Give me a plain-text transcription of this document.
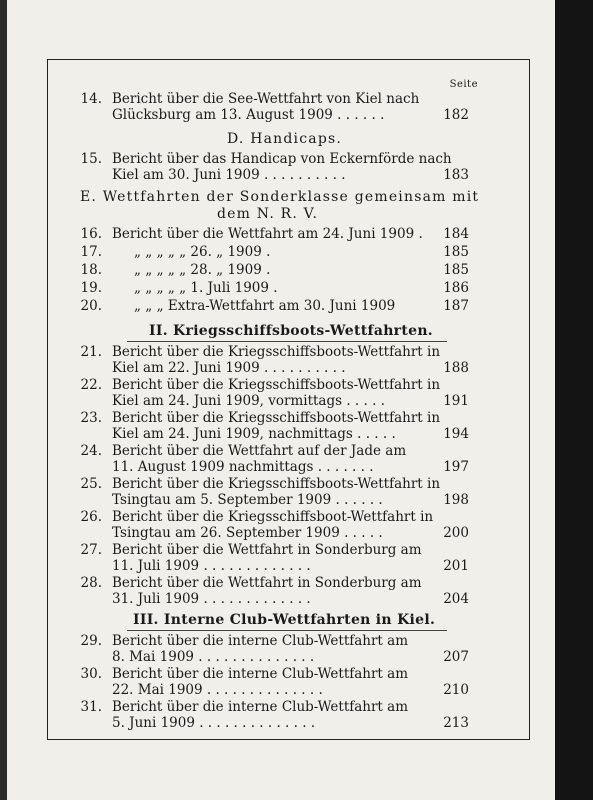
Seite
14. Bericht über die See-Wettfahrt von Kiel nach
Glücksburg am 13. August 1909 . . . . . .	182
D. Handicaps.
15. Bericht über das Handicap von Eckernförde nach
Kiel am 30. Juni 1909 . . . . . . . . . .	183
E. Wettfahrten der Sonderklasse gemeinsam mit
dem N. R. V.
16. Bericht über die Wettfahrt am 24. Juni 1909 . 184
17. „ „ „ „ „ 26. „ 1909 .	185
18. „ „ „ „ „ 28. „ 1909 .	185
19. „ „ „ „ „ 1. Juli 1909 .	186
20. „ „ „ Extra-Wettfahrt am 30. Juni 1909	187
II. Kriegsschiffsboots-Wettfahrten.
21. Bericht über die Kriegsschiffsboots-Wettfahrt in
Kiel am 22. Juni 1909 . . . . . . . . . .	188
22. Bericht über die Kriegsschiffsboots-Wettfahrt in
Kiel am 24. Juni 1909, vormittags . . . . .	191
23. Bericht über die Kriegsschiffsboots-Wettfahrt in
Kiel am 24. Juni 1909, nachmittags . . . . .	194
24. Bericht über die Wettfahrt auf der Jade am
11. August 1909 nachmittags . . . . . . .	197
25. Bericht über die Kriegsschiffsboots-Wettfahrt in
Tsingtau am 5. September 1909 . . . . . .	198
26. Bericht über die Kriegsschiffsboot-Wettfahrt in
Tsingtau am 26. September 1909 . . . . .	200
27. Bericht über die Wettfahrt in Sonderburg am
11. Juli 1909 . . . . . . . . . . . . .	201
28. Bericht über die Wettfahrt in Sonderburg am
31. Juli 1909 . . . . . . . . . . . . .	204
III. Interne Club-Wettfahrten in Kiel.
29. Bericht über die interne Club-Wettfahrt am
8. Mai 1909 . . . . . . . . . . . . . .	207
30. Bericht über die interne Club-Wettfahrt am
22. Mai 1909 . . . . . . . . . . . . . .	210
31. Bericht über die interne Club-Wettfahrt am
5. Juni 1909 . . . . . . . . . . . . . .	213
